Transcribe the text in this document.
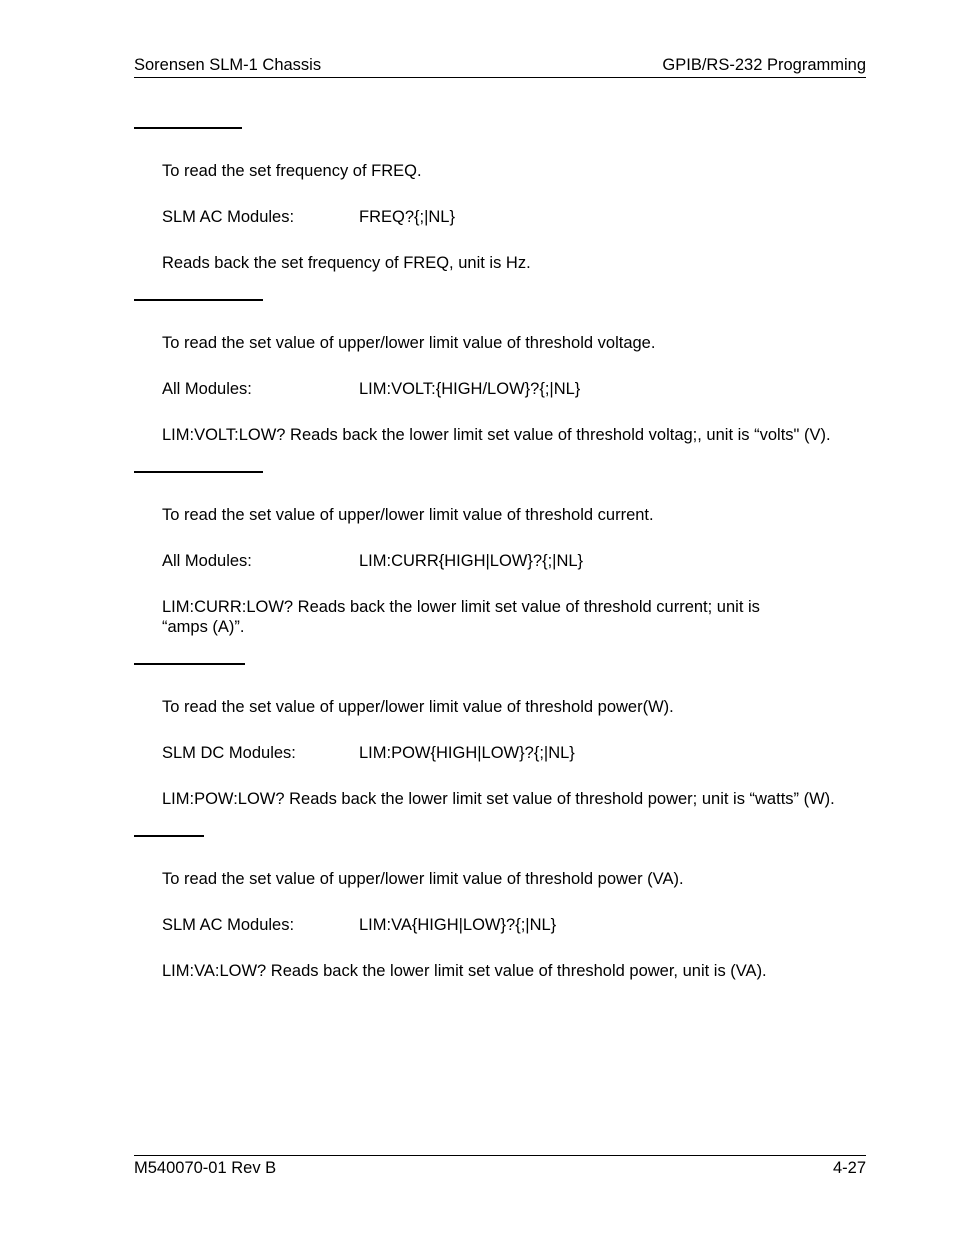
Sorensen SLM-1 Chassis	GPIB/RS-232 Programming
To read the set frequency of FREQ.
SLM AC Modules:	FREQ?{;|NL}
Reads back the set frequency of FREQ, unit is Hz.
To read the set value of upper/lower limit value of threshold voltage.
All Modules:	LIM:VOLT:{HIGH/LOW}?{;|NL}
LIM:VOLT:LOW? Reads back the lower limit set value of threshold voltag;, unit is “volts" (V).
To read the set value of upper/lower limit value of threshold current.
All Modules:	LIM:CURR{HIGH|LOW}?{;|NL}
LIM:CURR:LOW? Reads back the lower limit set value of threshold current; unit is
“amps (A)”.
To read the set value of upper/lower limit value of threshold power(W).
SLM DC Modules:	LIM:POW{HIGH|LOW}?{;|NL}
LIM:POW:LOW? Reads back the lower limit set value of threshold power; unit is “watts” (W).
To read the set value of upper/lower limit value of threshold power (VA).
SLM AC Modules:	LIM:VA{HIGH|LOW}?{;|NL}
LIM:VA:LOW? Reads back the lower limit set value of threshold power, unit is (VA).
M540070-01 Rev B	4-27
